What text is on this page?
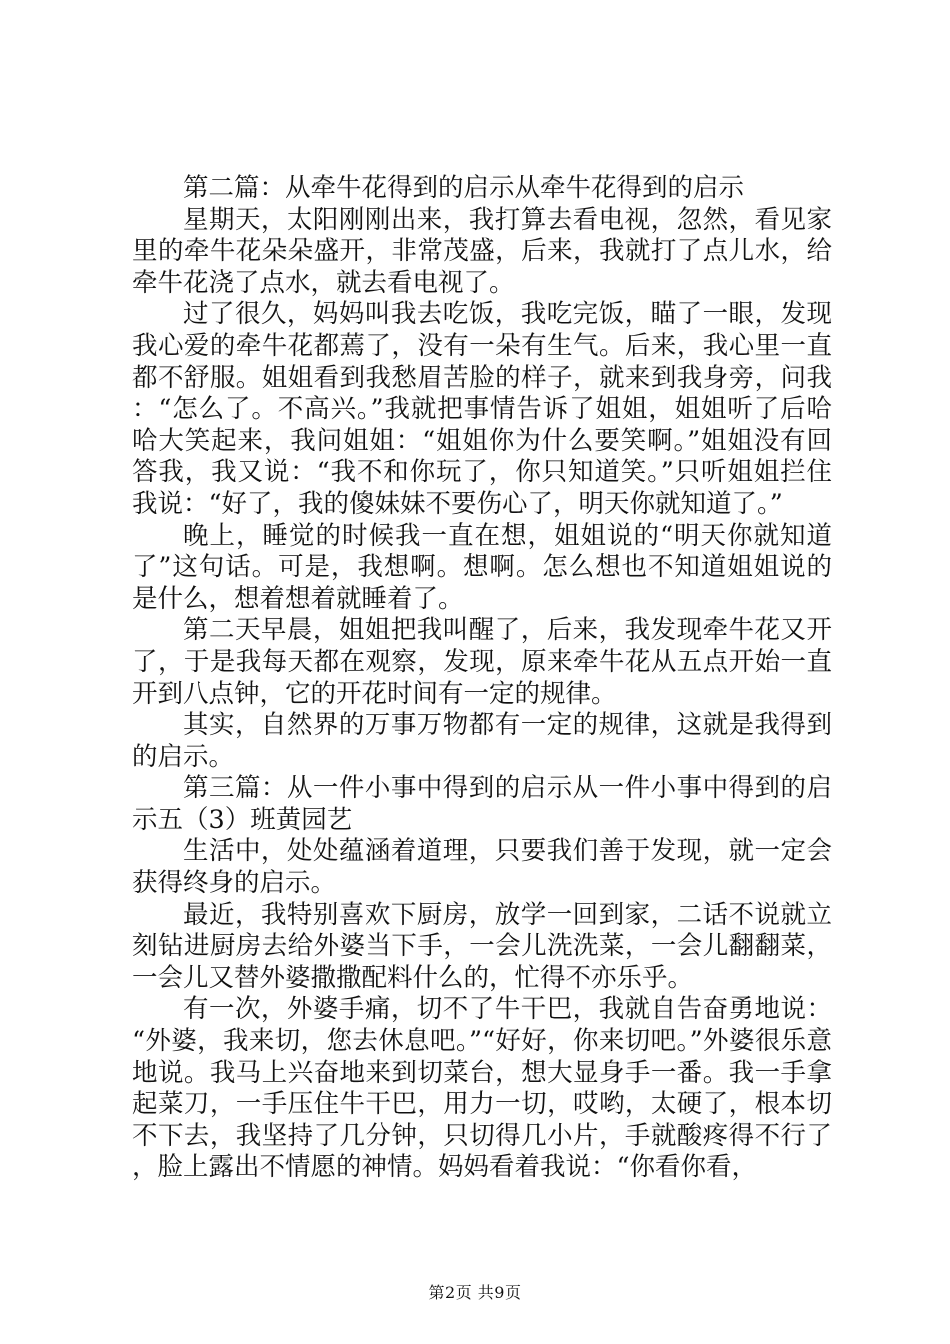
第二篇：从牵牛花得到的启示从牵牛花得到的启示

星期天，太阳刚刚出来，我打算去看电视，忽然，看见家里的牵牛花朵朵盛开，非常茂盛，后来，我就打了点儿水，给牵牛花浇了点水，就去看电视了。

过了很久，妈妈叫我去吃饭，我吃完饭，瞄了一眼，发现我心爱的牵牛花都蔫了，没有一朵有生气。后来，我心里一直都不舒服。姐姐看到我愁眉苦脸的样子，就来到我身旁，问我：“怎么了。不高兴。”我就把事情告诉了姐姐，姐姐听了后哈哈大笑起来，我问姐姐：“姐姐你为什么要笑啊。”姐姐没有回答我，我又说：“我不和你玩了，你只知道笑。”只听姐姐拦住我说：“好了，我的傻妹妹不要伤心了，明天你就知道了。”

晚上，睡觉的时候我一直在想，姐姐说的“明天你就知道了”这句话。可是，我想啊。想啊。怎么想也不知道姐姐说的是什么，想着想着就睡着了。

第二天早晨，姐姐把我叫醒了，后来，我发现牵牛花又开了，于是我每天都在观察，发现，原来牵牛花从五点开始一直开到八点钟，它的开花时间有一定的规律。

其实，自然界的万事万物都有一定的规律，这就是我得到的启示。

第三篇：从一件小事中得到的启示从一件小事中得到的启示五（3）班黄园艺

生活中，处处蕴涵着道理，只要我们善于发现，就一定会获得终身的启示。

最近，我特别喜欢下厨房，放学一回到家，二话不说就立刻钻进厨房去给外婆当下手，一会儿洗洗菜，一会儿翻翻菜，一会儿又替外婆撒撒配料什么的，忙得不亦乐乎。

有一次，外婆手痛，切不了牛干巴，我就自告奋勇地说：“外婆，我来切，您去休息吧。”“好好，你来切吧。”外婆很乐意地说。我马上兴奋地来到切菜台，想大显身手一番。我一手拿起菜刀，一手压住牛干巴，用力一切，哎哟，太硬了，根本切不下去，我坚持了几分钟，只切得几小片，手就酸疼得不行了，脸上露出不情愿的神情。妈妈看着我说：“你看你看，

第2页 共9页
